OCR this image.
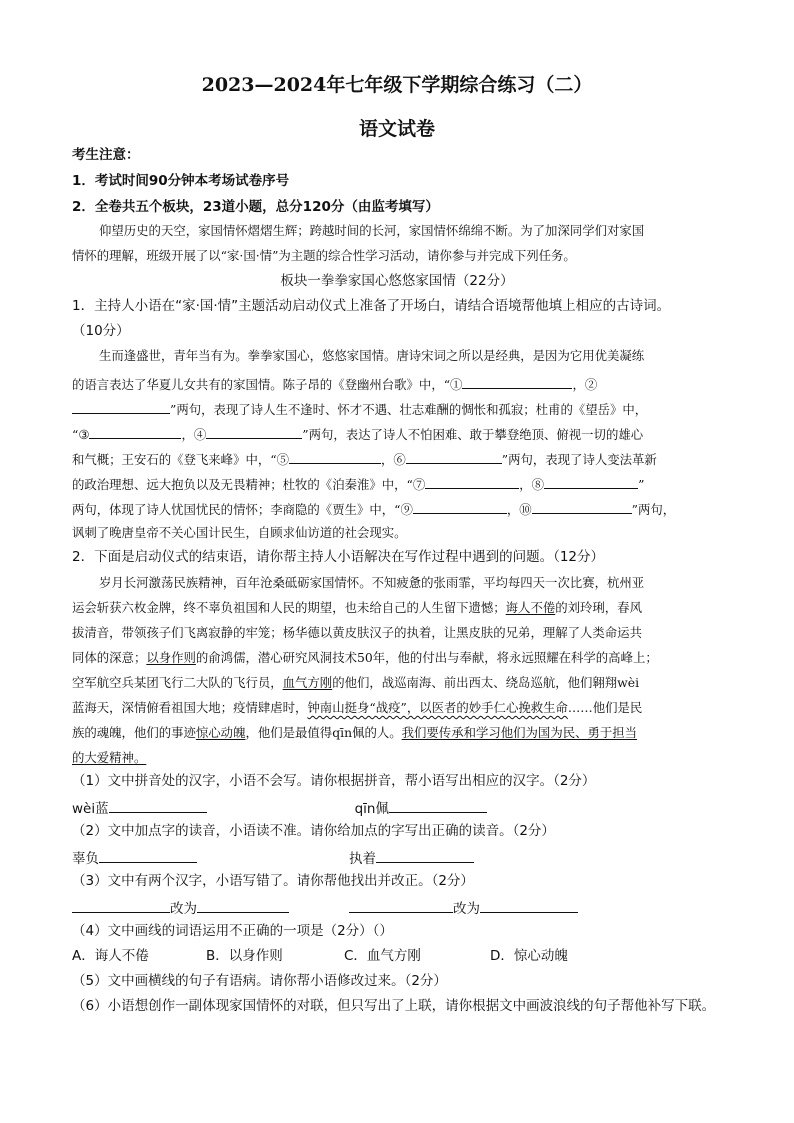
2023—2024年七年级下学期综合练习（二）
语文试卷
考生注意：
1．考试时间90分钟本考场试卷序号
2．全卷共五个板块，23道小题，总分120分（由监考填写）
仰望历史的天空，家国情怀熠熠生辉；跨越时间的长河，家国情怀绵绵不断。为了加深同学们对家国
情怀的理解，班级开展了以“家·国·情”为主题的综合性学习活动，请你参与并完成下列任务。
板块一拳拳家国心悠悠家国情（22分）
1．主持人小语在“家·国·情”主题活动启动仪式上准备了开场白，请结合语境帮他填上相应的古诗词。
（10分）
生而逢盛世，青年当有为。拳拳家国心，悠悠家国情。唐诗宋词之所以是经典，是因为它用优美凝练
的语言表达了华夏儿女共有的家国情。陈子昂的《登幽州台歌》中，“①	，②
”两句，表现了诗人生不逢时、怀才不遇、壮志难酬的惆怅和孤寂；杜甫的《望岳》中，
“③	，④	”两句，表达了诗人不怕困难、敢于攀登绝顶、俯视一切的雄心
和气概；王安石的《登飞来峰》中，“⑤	，⑥	”两句，表现了诗人变法革新
的政治理想、远大抱负以及无畏精神；杜牧的《泊秦淮》中，“⑦	，⑧	”
两句，体现了诗人忧国忧民的情怀；李商隐的《贾生》中，“⑨	，⑩	”两句，
讽刺了晚唐皇帝不关心国计民生，自顾求仙访道的社会现实。
2．下面是启动仪式的结束语，请你帮主持人小语解决在写作过程中遇到的问题。（12分）
岁月长河激荡民族精神，百年沧桑砥砺家国情怀。不知疲惫的张雨霏，平均每四天一次比赛，杭州亚
运会斩获六枚金牌，终不辜负祖国和人民的期望，也未给自己的人生留下遗憾；诲人不倦的刘玲琍，春风
拔清音，带领孩子们飞离寂静的牢笼；杨华德以黄皮肤汉子的执着，让黑皮肤的兄弟，理解了人类命运共
同体的深意；以身作则的俞鸿儒，潜心研究风洞技术50年，他的付出与奉献，将永远照耀在科学的高峰上；
空军航空兵某团飞行二大队的飞行员，血气方刚的他们，战巡南海、前出西太、绕岛巡航，他们翱翔wèi
蓝海天，深情俯看祖国大地；疫情肆虐时，钟南山挺身“战疫”，以医者的妙手仁心挽救生命……他们是民
族的魂魄，他们的事迹惊心动魄，他们是最值得qīn佩的人。我们要传承和学习他们为国为民、勇于担当
的大爱精神。
（1）文中拼音处的汉字，小语不会写。请你根据拼音，帮小语写出相应的汉字。（2分）
wèi蓝	qīn佩
（2）文中加点字的读音，小语读不准。请你给加点的字写出正确的读音。（2分）
辜负	执着
（3）文中有两个汉字，小语写错了。请你帮他找出并改正。（2分）
改为	改为
（4）文中画线的词语运用不正确的一项是（2分）（）
A．诲人不倦	B．以身作则	C．血气方刚	D．惊心动魄
（5）文中画横线的句子有语病。请你帮小语修改过来。（2分）
（6）小语想创作一副体现家国情怀的对联，但只写出了上联，请你根据文中画波浪线的句子帮他补写下联。
